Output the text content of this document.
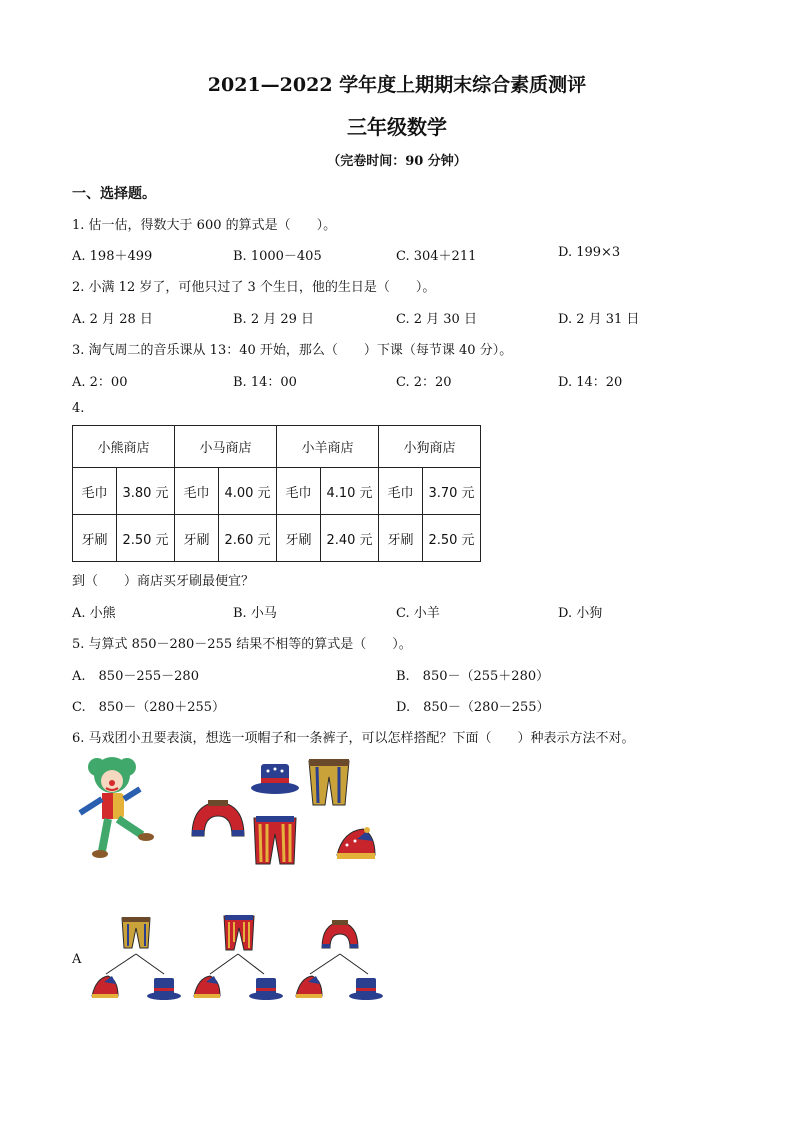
2021—2022 学年度上期期末综合素质测评
三年级数学
（完卷时间：90 分钟）
一、选择题。
1. 估一估，得数大于 600 的算式是（　　）。
A. 198＋499	B. 1000－405	C. 304＋211	D. 199×3
2. 小满 12 岁了，可他只过了 3 个生日，他的生日是（　　）。
A. 2 月 28 日	B. 2 月 29 日	C. 2 月 30 日	D. 2 月 31 日
3. 淘气周二的音乐课从 13：40 开始，那么（　　）下课（每节课 40 分）。
A. 2：00	B. 14：00	C. 2：20	D. 14：20
4.
小熊商店		小马商店		小羊商店		小狗商店	
毛巾	3.80 元	毛巾	4.00 元	毛巾	4.10 元	毛巾	3.70 元
牙刷	2.50 元	牙刷	2.60 元	牙刷	2.40 元	牙刷	2.50 元
到（　　）商店买牙刷最便宜？
A. 小熊	B. 小马	C. 小羊	D. 小狗
5. 与算式 850－280－255 结果不相等的算式是（　　）。
A.　850－255－280	B.　850－（255＋280）
C.　850－（280＋255）	D.　850－（280－255）
6. 马戏团小丑要表演，想选一项帽子和一条裤子，可以怎样搭配？下面（　　）种表示方法不对。
A
